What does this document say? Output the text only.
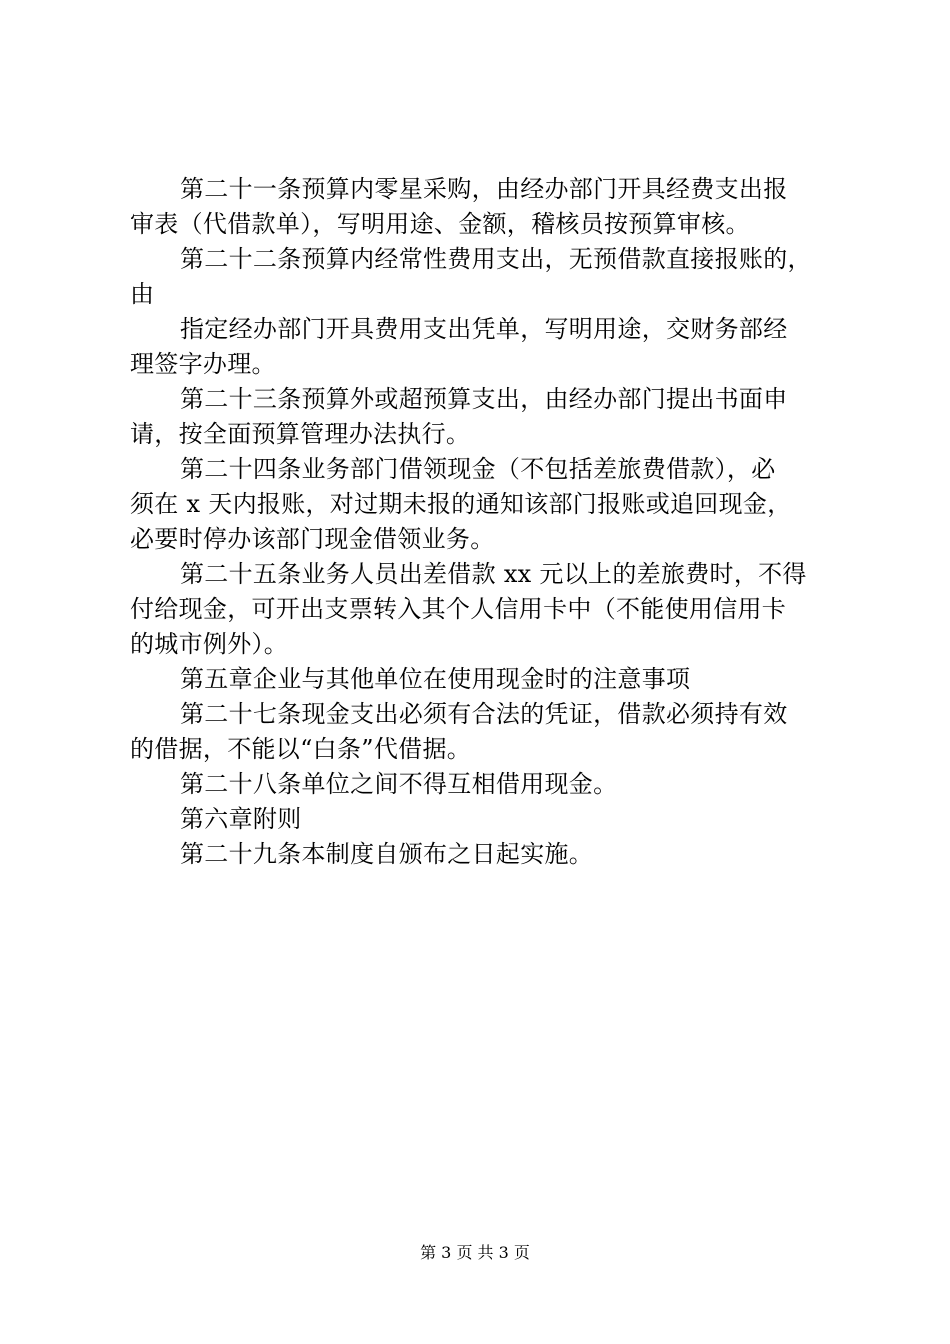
第二十一条预算内零星采购，由经办部门开具经费支出报
审表（代借款单），写明用途、金额，稽核员按预算审核。
第二十二条预算内经常性费用支出，无预借款直接报账的，
由
指定经办部门开具费用支出凭单，写明用途，交财务部经
理签字办理。
第二十三条预算外或超预算支出，由经办部门提出书面申
请，按全面预算管理办法执行。
第二十四条业务部门借领现金（不包括差旅费借款），必
须在 x 天内报账，对过期未报的通知该部门报账或追回现金，
必要时停办该部门现金借领业务。
第二十五条业务人员出差借款 xx 元以上的差旅费时，不得
付给现金，可开出支票转入其个人信用卡中（不能使用信用卡
的城市例外）。
第五章企业与其他单位在使用现金时的注意事项
第二十七条现金支出必须有合法的凭证，借款必须持有效
的借据，不能以“白条”代借据。
第二十八条单位之间不得互相借用现金。
第六章附则
第二十九条本制度自颁布之日起实施。
第 3 页 共 3 页
